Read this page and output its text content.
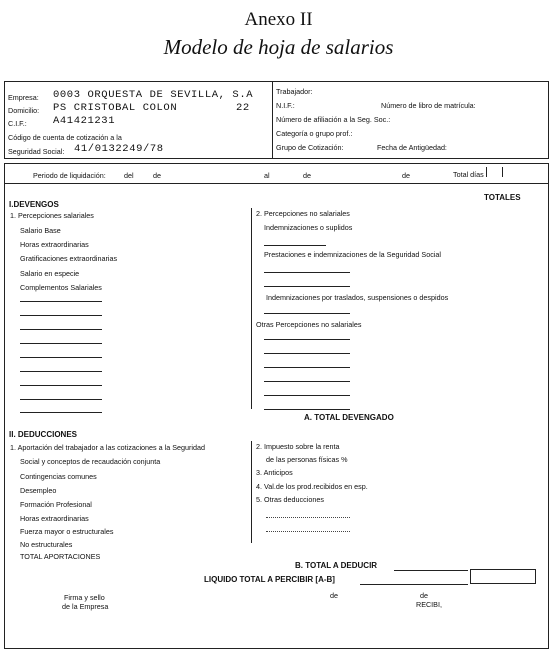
Anexo II
Modelo de hoja de salarios
Empresa: 0003 ORQUESTA DE SEVILLA, S.A
Domicilio: PS CRISTOBAL COLON	22
C.I.F.: A41421231
Código de cuenta de cotización a la
Seguridad Social: 41/0132249/78
Trabajador:
N.I.F.:	Número de libro de matrícula:
Número de afiliación a la Seg. Soc.:
Categoría o grupo prof.:
Grupo de Cotización:	Fecha de Antigüedad:
Periodo de liquidación:	del	de	al	de	de	Total días
TOTALES
I.DEVENGOS
1. Percepciones salariales
Salario Base
Horas extraordinarias
Gratificaciones extraordinarias
Salario en especie
Complementos Salariales
2. Percepciones no salariales
Indemnizaciones o suplidos
Prestaciones e indemnizaciones de la Seguridad Social
Indemnizaciones por traslados, suspensiones o despidos
Otras Percepciones no salariales
A. TOTAL DEVENGADO
II. DEDUCCIONES
1. Aportación del trabajador a las cotizaciones a la Seguridad
Social y conceptos de recaudación conjunta
Contingencias comunes
Desempleo
Formación Profesional
Horas extraordinarias
Fuerza mayor o estructurales
No estructurales
TOTAL APORTACIONES
2. Impuesto sobre la renta
de las personas físicas %
3. Anticipos
4. Val.de los prod.recibidos en esp.
5. Otras deducciones
B. TOTAL A DEDUCIR
LIQUIDO TOTAL A PERCIBIR [A-B]
de	de
RECIBI,
Firma y sello
de la Empresa
